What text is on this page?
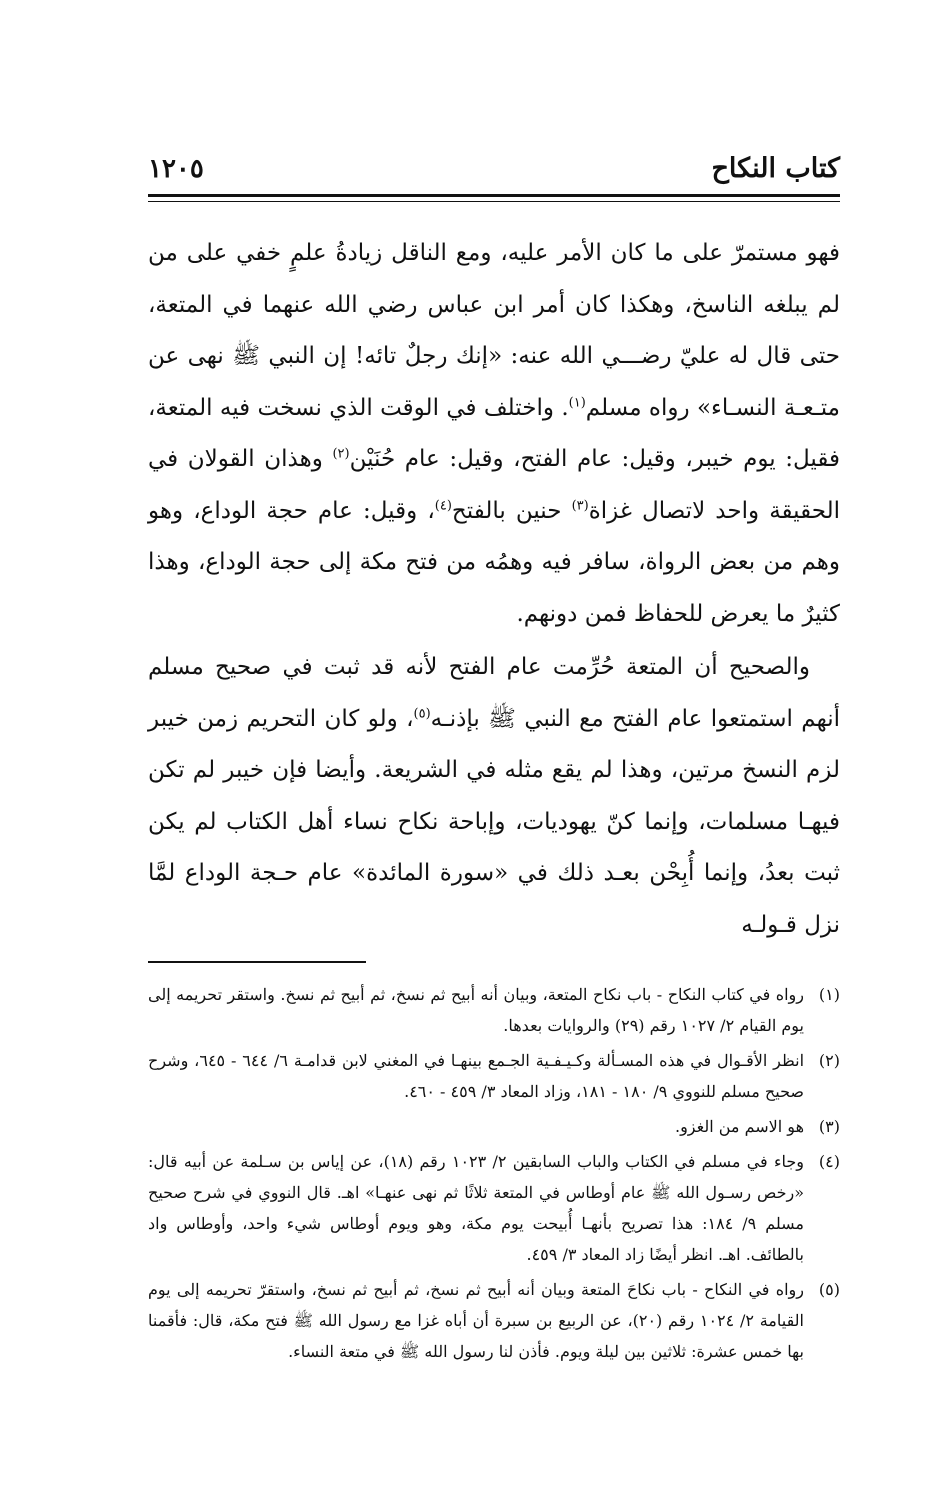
كتاب النكاح
١٢٠٥

فهو مستمرّ على ما كان الأمر عليه، ومع الناقل زيادةُ علمٍ خفي على من لم يبلغه الناسخ، وهكذا كان أمر ابن عباس رضي الله عنهما في المتعة، حتى قال له عليّ رضـــي الله عنه: «إنك رجلٌ تائه! إن النبي ﷺ نهى عن متـعـة النسـاء» رواه مسلم$^{(١)}$. واختلف في الوقت الذي نسخت فيه المتعة، فقيل: يوم خيبر، وقيل: عام الفتح، وقيل: عام حُنَيْن$^{(٢)}$ وهذان القولان في الحقيقة واحد لاتصال غزاة$^{(٣)}$ حنين بالفتح$^{(٤)}$، وقيل: عام حجة الوداع، وهو وهم من بعض الرواة، سافر فيه وهمُه من فتح مكة إلى حجة الوداع، وهذا كثيرٌ ما يعرض للحفاظ فمن دونهم.

والصحيح أن المتعة حُرِّمت عام الفتح لأنه قد ثبت في صحيح مسلم أنهم استمتعوا عام الفتح مع النبي ﷺ بإذنـه$^{(٥)}$، ولو كان التحريم زمن خيبر لزم النسخ مرتين، وهذا لم يقع مثله في الشريعة. وأيضا فإن خيبر لم تكن فيهـا مسلمات، وإنما كنّ يهوديات، وإباحة نكاح نساء أهل الكتاب لم يكن ثبت بعدُ، وإنما أُبِحْن بعـد ذلك في «سورة المائدة» عام حـجة الوداع لمَّا نزل قـولـه

(١)

رواه في كتاب النكاح - باب نكاح المتعة، وبيان أنه أبيح ثم نسخ، ثم أبيح ثم نسخ. واستقر تحريمه إلى يوم القيام ٢/ ١٠٢٧ رقم (٢٩) والروايات بعدها.

(٢)

انظر الأقـوال في هذه المسـألة وكـيـفـية الجـمع بينهـا في المغني لابن قدامـة ٦/ ٦٤٤ - ٦٤٥، وشرح صحيح مسلم للنووي ٩/ ١٨٠ - ١٨١، وزاد المعاد ٣/ ٤٥٩ - ٤٦٠.

(٣)

هو الاسم من الغزو.

(٤)

وجاء في مسلم في الكتاب والباب السابقين ٢/ ١٠٢٣ رقم (١٨)، عن إياس بن سـلمة عن أبيه قال: «رخص رسـول الله ﷺ عام أوطاس في المتعة ثلاثًا ثم نهى عنهـا» اهـ. قال النووي في شرح صحيح مسلم ٩/ ١٨٤: هذا تصريح بأنهـا أُبيحت يوم مكة، وهو ويوم أوطاس شيء واحد، وأوطاس واد بالطائف. اهـ. انظر أيضًا زاد المعاد ٣/ ٤٥٩.

(٥)

رواه في النكاح - باب نكاحَ المتعة وبيان أنه أبيح ثم نسخ، ثم أبيح ثم نسخ، واستقرّ تحريمه إلى يوم القيامة ٢/ ١٠٢٤ رقم (٢٠)، عن الربيع بن سبرة أن أباه غزا مع رسول الله ﷺ فتح مكة، قال: فأقمنا بها خمس عشرة: ثلاثين بين ليلة ويوم. فأذن لنا رسول الله ﷺ في متعة النساء.
